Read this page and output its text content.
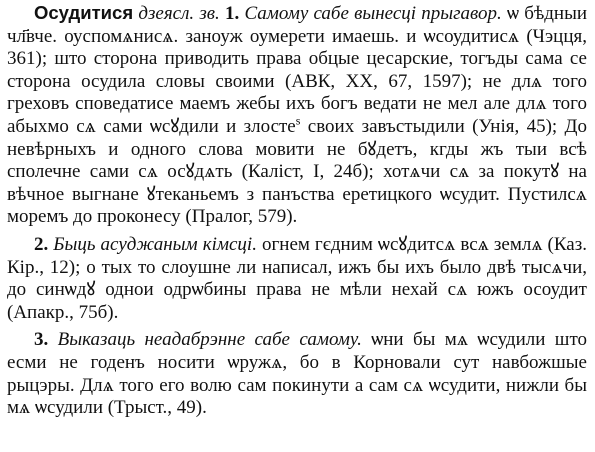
Осудитися дзеясл. зв. 1. Самому сабе вынесці прыгавор. ѡ бѣдныи чл҃вче. оуспомѧнисѧ. заноуж оумерети имаешь. и ѡсоудитисѧ (Чэцця, 361); што сторона приводить права обцые цесарские, тогъды сама се сторона осудила словы своими (АВК, XX, 67, 1597); не длѧ того греховъ споведатисе маемъ жебы ихъ богъ ведати не мел але длѧ того абыхмо сѧ сами ѡсꙋдили и злосте$^s$ своих завъстыдили (Унія, 45); До невѣрныхъ и одного слова мовити не бꙋдетъ, кгды жъ тыи всѣ сполечне сами сѧ осꙋдѧть (Каліст, I, 24б); хотѧчи сѧ за покутꙋ на вѣчное выгнане ꙋтеканьемъ з панъства еретицкого ѡсудит. Пустилсѧ моремъ до проконесу (Пралог, 579).

2. Быць асуджаным кімсці. огнем гєдним ѡсꙋдитсѧ всѧ землѧ (Каз. Кір., 12); о тых то слоушне ли написал, ижъ бы ихъ было двѣ тысѧчи, до синѡдꙋ однои одрѡбины права не мѣли нехай сѧ южъ осоудит (Апакр., 75б).

3. Выказаць неадабрэнне сабе самому. ѡни бы мѧ ѡсудили што есми не годенъ носити ѡружѧ, бо в Корновали сут навбожшые рыцэры. Длѧ того его волю сам покинути а сам сѧ ѡсудити, нижли бы мѧ ѡсудили (Трыст., 49).
